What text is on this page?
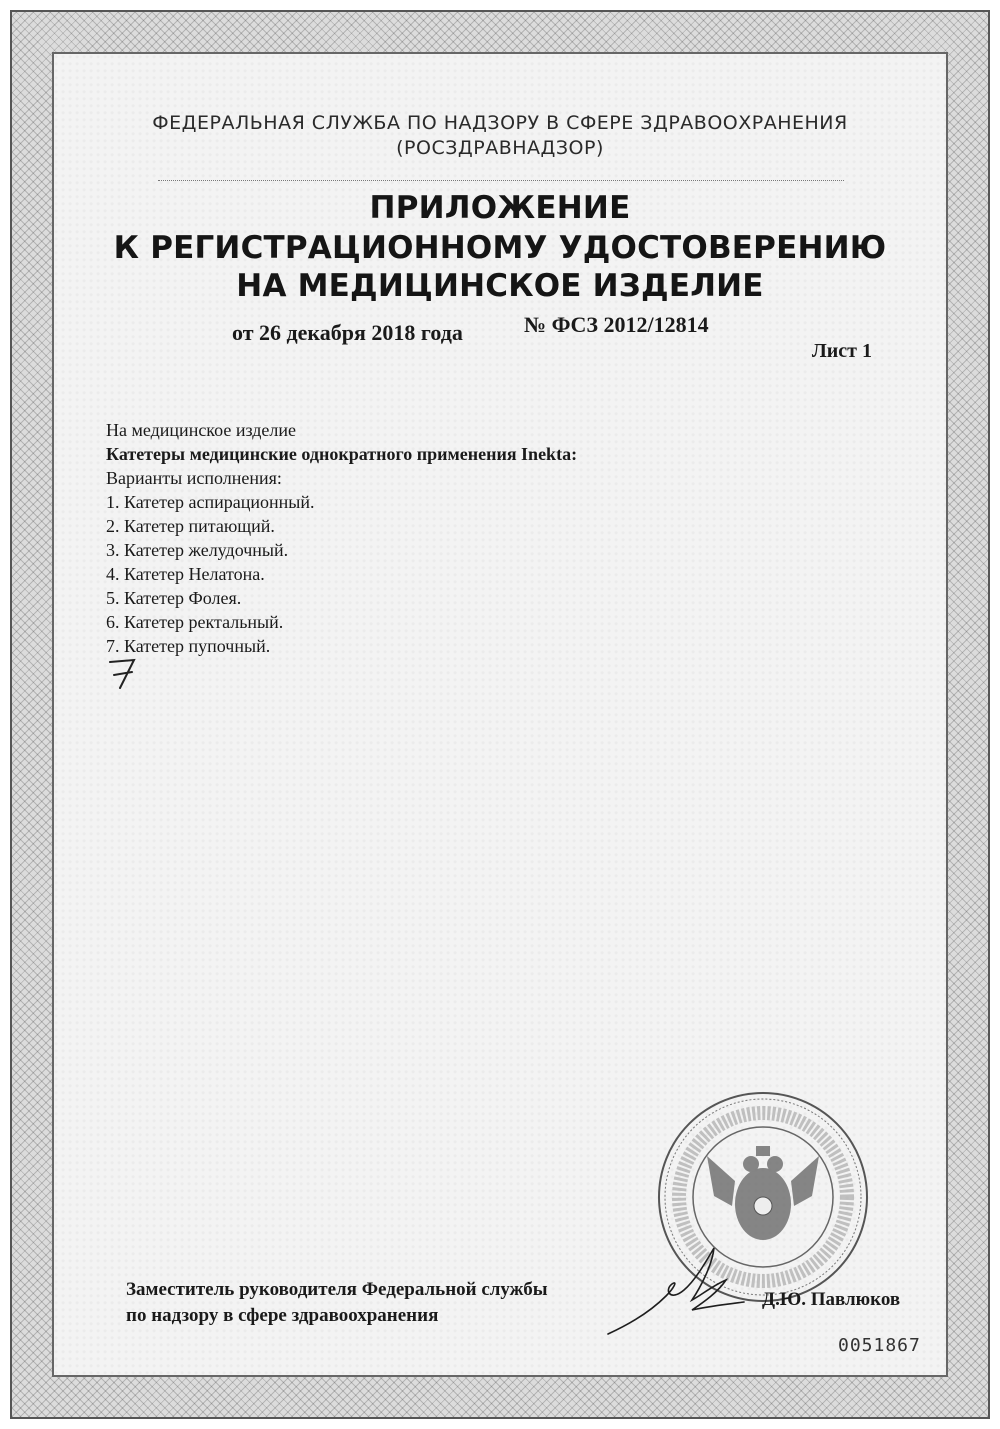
ФЕДЕРАЛЬНАЯ СЛУЖБА ПО НАДЗОРУ В СФЕРЕ ЗДРАВООХРАНЕНИЯ
(РОСЗДРАВНАДЗОР)
ПРИЛОЖЕНИЕ
К РЕГИСТРАЦИОННОМУ УДОСТОВЕРЕНИЮ
НА МЕДИЦИНСКОЕ ИЗДЕЛИЕ
от 26 декабря 2018 года	№ ФСЗ 2012/12814
Лист 1
На медицинское изделие
Катетеры медицинские однократного применения Inekta:
Варианты исполнения:
1. Катетер аспирационный.
2. Катетер питающий.
3. Катетер желудочный.
4. Катетер Нелатона.
5. Катетер Фолея.
6. Катетер ректальный.
7. Катетер пупочный.
Заместитель руководителя Федеральной службы
по надзору в сфере здравоохранения
Д.Ю. Павлюков
0051867
